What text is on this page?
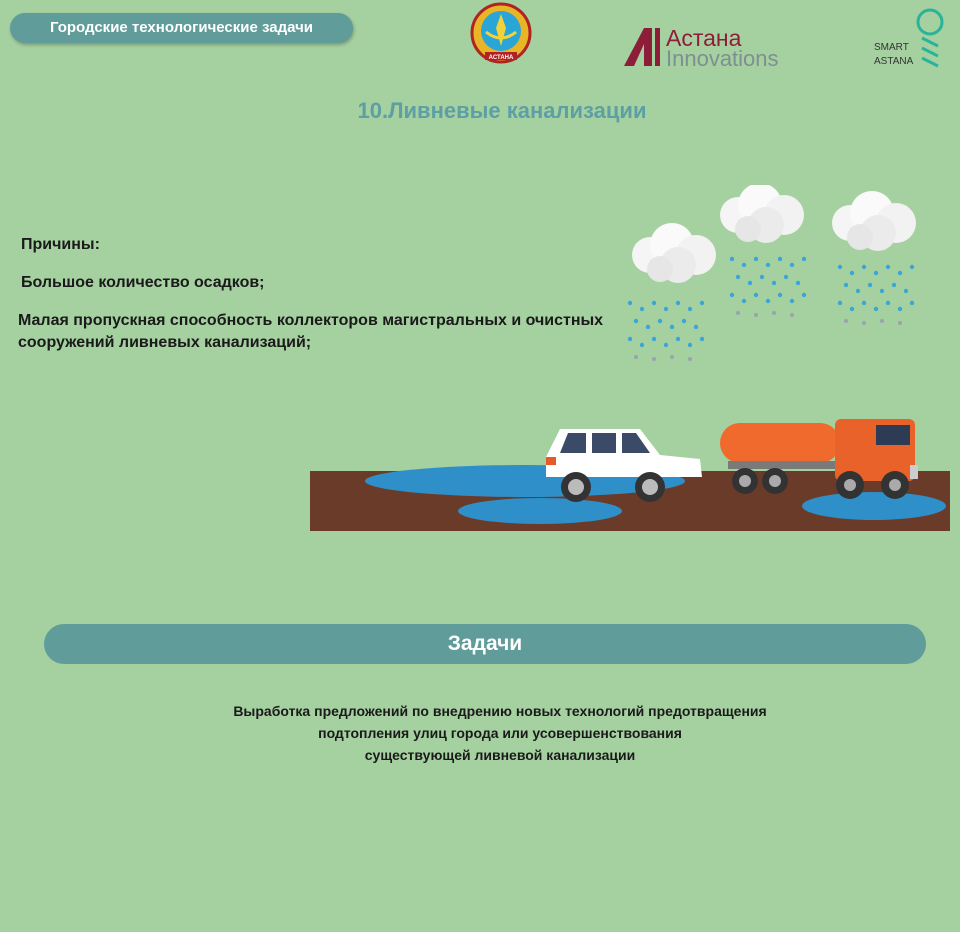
Городские технологические задачи
АСТАНА
Астана
Innovations	SMART
ASTANA
10.Ливневые канализации
Причины:
Большое количество осадков;
Малая пропускная способность коллекторов магистральных и очистных сооружений ливневых канализаций;
Задачи
Выработка предложений по внедрению новых технологий предотвращения
подтопления улиц города или усовершенствования
существующей ливневой канализации
